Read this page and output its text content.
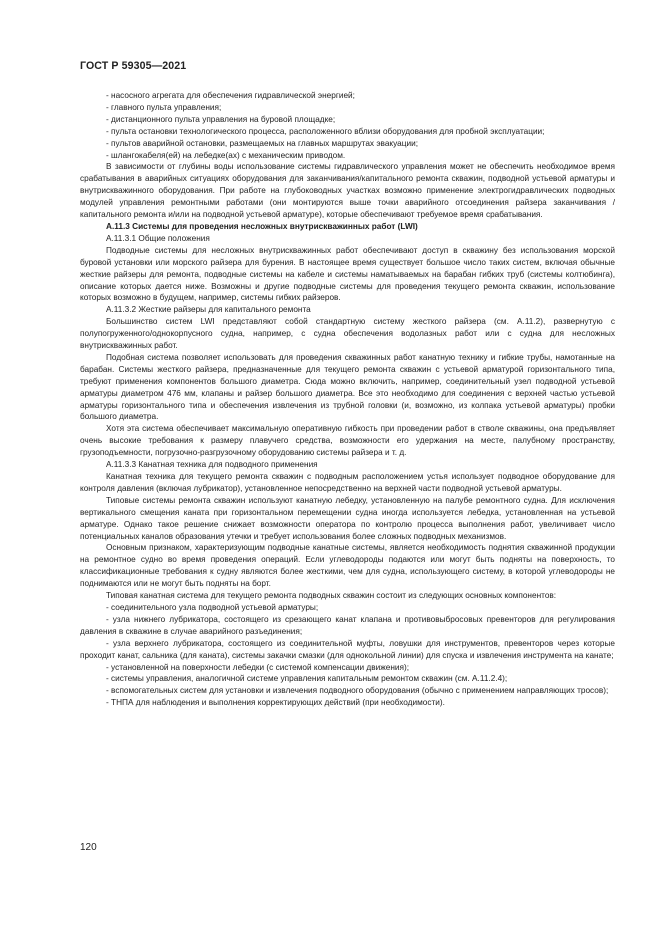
ГОСТ Р 59305—2021

- насосного агрегата для обеспечения гидравлической энергией;

- главного пульта управления;

- дистанционного пульта управления на буровой площадке;

- пульта остановки технологического процесса, расположенного вблизи оборудования для пробной эксплуатации;

- пультов аварийной остановки, размещаемых на главных маршрутах эвакуации;

- шлангокабеля(ей) на лебедке(ах) с механическим приводом.

В зависимости от глубины воды использование системы гидравлического управления может не обеспечить необходимое время срабатывания в аварийных ситуациях оборудования для заканчивания/капитального ремонта скважин, подводной устьевой арматуры и внутрискважинного оборудования. При работе на глубоководных участках возможно применение электрогидравлических подводных модулей управления ремонтными работами (они монтируются выше точки аварийного отсоединения райзера заканчивания / капитального ремонта и/или на подводной устьевой арматуре), которые обеспечивают требуемое время срабатывания.

А.11.3 Системы для проведения несложных внутрискважинных работ (LWI)

А.11.3.1 Общие положения

Подводные системы для несложных внутрискважинных работ обеспечивают доступ в скважину без использования морской буровой установки или морского райзера для бурения. В настоящее время существует большое число таких систем, включая обычные жесткие райзеры для ремонта, подводные системы на кабеле и системы наматываемых на барабан гибких труб (системы колтюбинга), описание которых дается ниже. Возможны и другие подводные системы для проведения текущего ремонта скважин, использование которых возможно в будущем, например, системы гибких райзеров.

А.11.3.2 Жесткие райзеры для капитального ремонта

Большинство систем LWI представляют собой стандартную систему жесткого райзера (см. А.11.2), развернутую с полупогруженного/однокорпусного судна, например, с судна обеспечения водолазных работ или с судна для несложных внутрискважинных работ.

Подобная система позволяет использовать для проведения скважинных работ канатную технику и гибкие трубы, намотанные на барабан. Системы жесткого райзера, предназначенные для текущего ремонта скважин с устьевой арматурой горизонтального типа, требуют применения компонентов большого диаметра. Сюда можно включить, например, соединительный узел подводной устьевой арматуры диаметром 476 мм, клапаны и райзер большого диаметра. Все это необходимо для соединения с верхней частью устьевой арматуры горизонтального типа и обеспечения извлечения из трубной головки (и, возможно, из колпака устьевой арматуры) пробки большого диаметра.

Хотя эта система обеспечивает максимальную оперативную гибкость при проведении работ в стволе скважины, она предъявляет очень высокие требования к размеру плавучего средства, возможности его удержания на месте, палубному пространству, грузоподъемности, погрузочно-разгрузочному оборудованию системы райзера и т. д.

А.11.3.3 Канатная техника для подводного применения

Канатная техника для текущего ремонта скважин с подводным расположением устья использует подводное оборудование для контроля давления (включая лубрикатор), установленное непосредственно на верхней части подводной устьевой арматуры.

Типовые системы ремонта скважин используют канатную лебедку, установленную на палубе ремонтного судна. Для исключения вертикального смещения каната при горизонтальном перемещении судна иногда используется лебедка, установленная на устьевой арматуре. Однако такое решение снижает возможности оператора по контролю процесса выполнения работ, увеличивает число потенциальных каналов образования утечки и требует использования более сложных подводных механизмов.

Основным признаком, характеризующим подводные канатные системы, является необходимость поднятия скважинной продукции на ремонтное судно во время проведения операций. Если углеводороды подаются или могут быть подняты на поверхность, то классификационные требования к судну являются более жесткими, чем для судна, использующего систему, в которой углеводороды не поднимаются или не могут быть подняты на борт.

Типовая канатная система для текущего ремонта подводных скважин состоит из следующих основных компонентов:

- соединительного узла подводной устьевой арматуры;

- узла нижнего лубрикатора, состоящего из срезающего канат клапана и противовыбросовых превенторов для регулирования давления в скважине в случае аварийного разъединения;

- узла верхнего лубрикатора, состоящего из соединительной муфты, ловушки для инструментов, превенторов через которые проходит канат, сальника (для каната), системы закачки смазки (для однокольной линии) для спуска и извлечения инструмента на канате;

- установленной на поверхности лебедки (с системой компенсации движения);

- системы управления, аналогичной системе управления капитальным ремонтом скважин (см. А.11.2.4);

- вспомогательных систем для установки и извлечения подводного оборудования (обычно с применением направляющих тросов);

- ТНПА для наблюдения и выполнения корректирующих действий (при необходимости).

120
